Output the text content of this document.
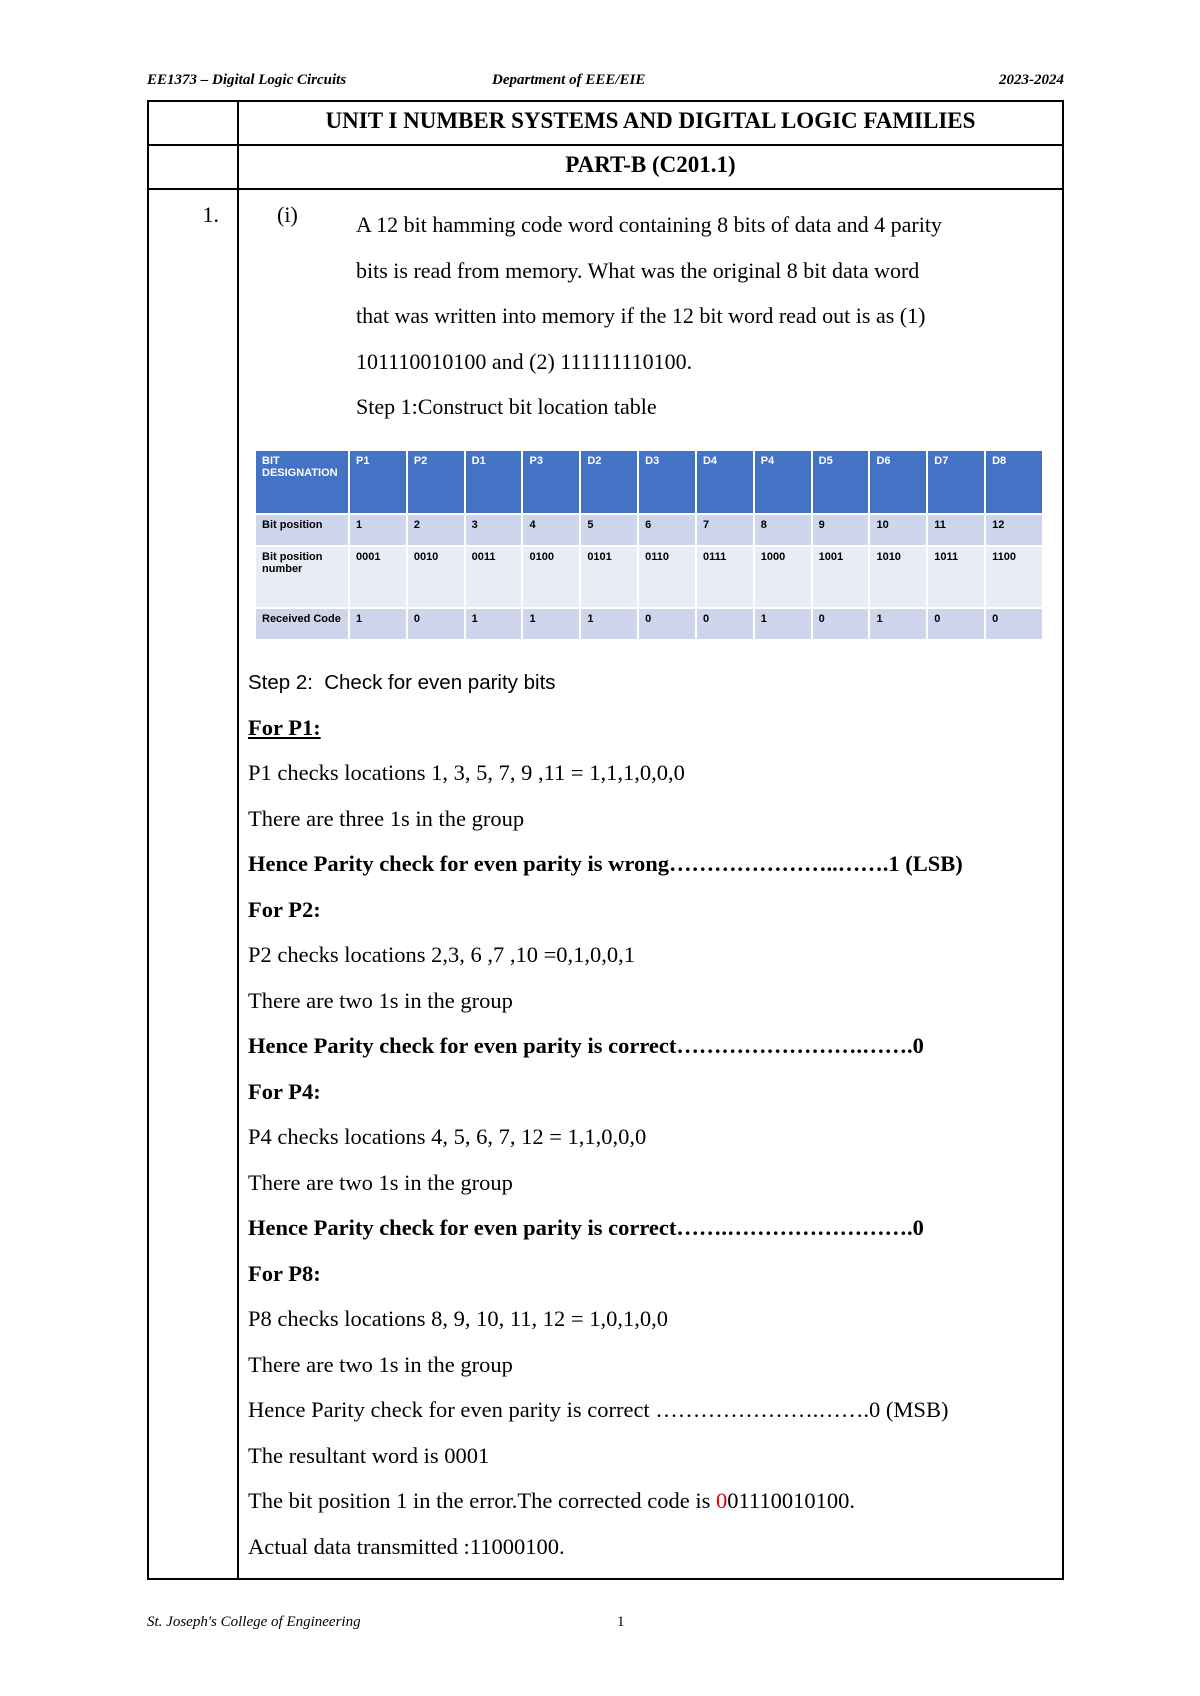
EE1373 – Digital Logic Circuits	Department of EEE/EIE	2023-2024
UNIT I NUMBER SYSTEMS AND DIGITAL LOGIC FAMILIES
PART-B (C201.1)
1.	(i)	A 12 bit hamming code word containing 8 bits of data and 4 parity

bits is read from memory. What was the original 8 bit data word

that was written into memory if the 12 bit word read out is as (1)

101110010100 and (2) 111111110100.

Step 1:Construct bit location table

BIT DESIGNATION	P1	P2	D1	P3	D2	D3	D4	P4	D5	D6	D7	D8
Bit position	1	2	3	4	5	6	7	8	9	10	11	12
Bit position number	0001	0010	0011	0100	0101	0110	0111	1000	1001	1010	1011	1100
Received Code	1	0	1	1	1	0	0	1	0	1	0	0
Step 2: Check for even parity bits
For P1:
P1 checks locations 1, 3, 5, 7, 9 ,11 = 1,1,1,0,0,0
There are three 1s in the group
Hence Parity check for even parity is wrong…………………..…….1 (LSB)
For P2:
P2 checks locations 2,3, 6 ,7 ,10 =0,1,0,0,1
There are two 1s in the group
Hence Parity check for even parity is correct…………………….…….0
For P4:
P4 checks locations 4, 5, 6, 7, 12 = 1,1,0,0,0
There are two 1s in the group
Hence Parity check for even parity is correct…….…………………….0
For P8:
P8 checks locations 8, 9, 10, 11, 12 = 1,0,1,0,0
There are two 1s in the group
Hence Parity check for even parity is correct ………………….…….0 (MSB)
The resultant word is 0001
The bit position 1 in the error.The corrected code is 001110010100.
Actual data transmitted :11000100.
St. Joseph's College of Engineering	1
